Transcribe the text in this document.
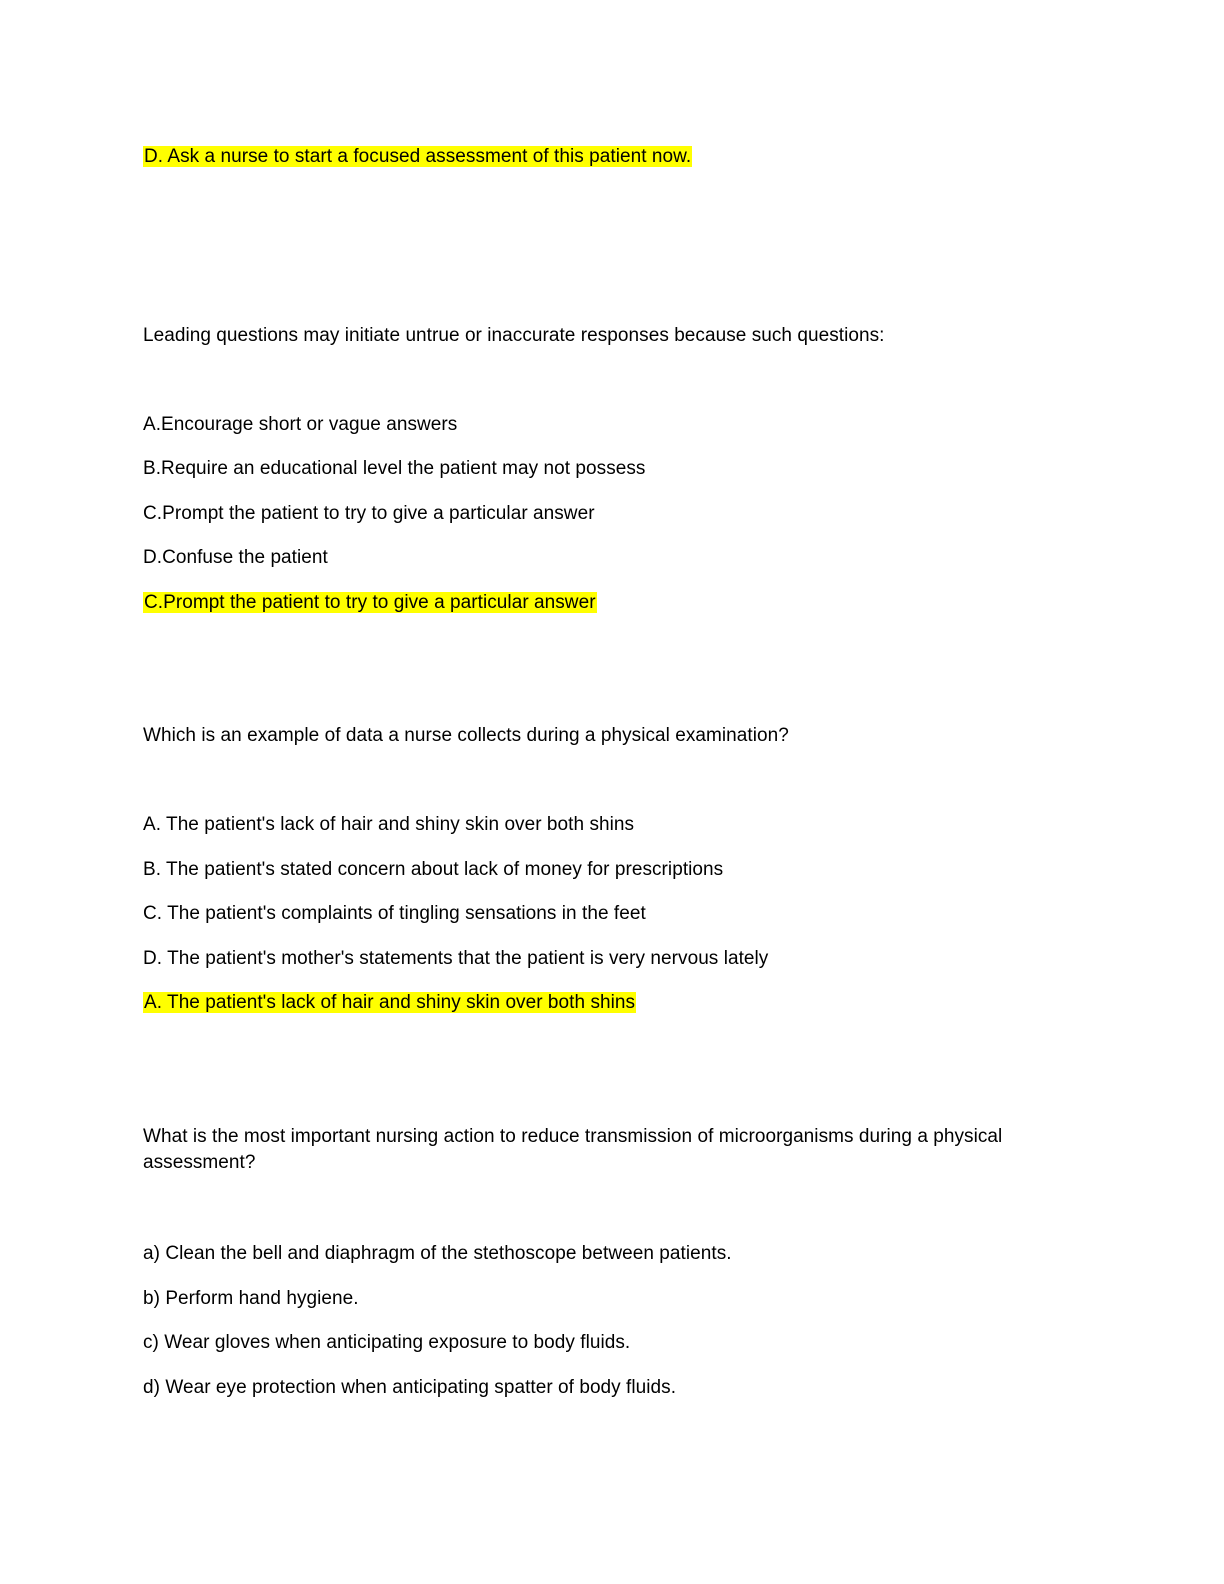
D. Ask a nurse to start a focused assessment of this patient now.
Leading questions may initiate untrue or inaccurate responses because such questions:
A.Encourage short or vague answers
B.Require an educational level the patient may not possess
C.Prompt the patient to try to give a particular answer
D.Confuse the patient
C.Prompt the patient to try to give a particular answer
Which is an example of data a nurse collects during a physical examination?
A. The patient's lack of hair and shiny skin over both shins
B. The patient's stated concern about lack of money for prescriptions
C. The patient's complaints of tingling sensations in the feet
D. The patient's mother's statements that the patient is very nervous lately
A. The patient's lack of hair and shiny skin over both shins
What is the most important nursing action to reduce transmission of microorganisms during a physical assessment?
a) Clean the bell and diaphragm of the stethoscope between patients.
b) Perform hand hygiene.
c) Wear gloves when anticipating exposure to body fluids.
d) Wear eye protection when anticipating spatter of body fluids.
